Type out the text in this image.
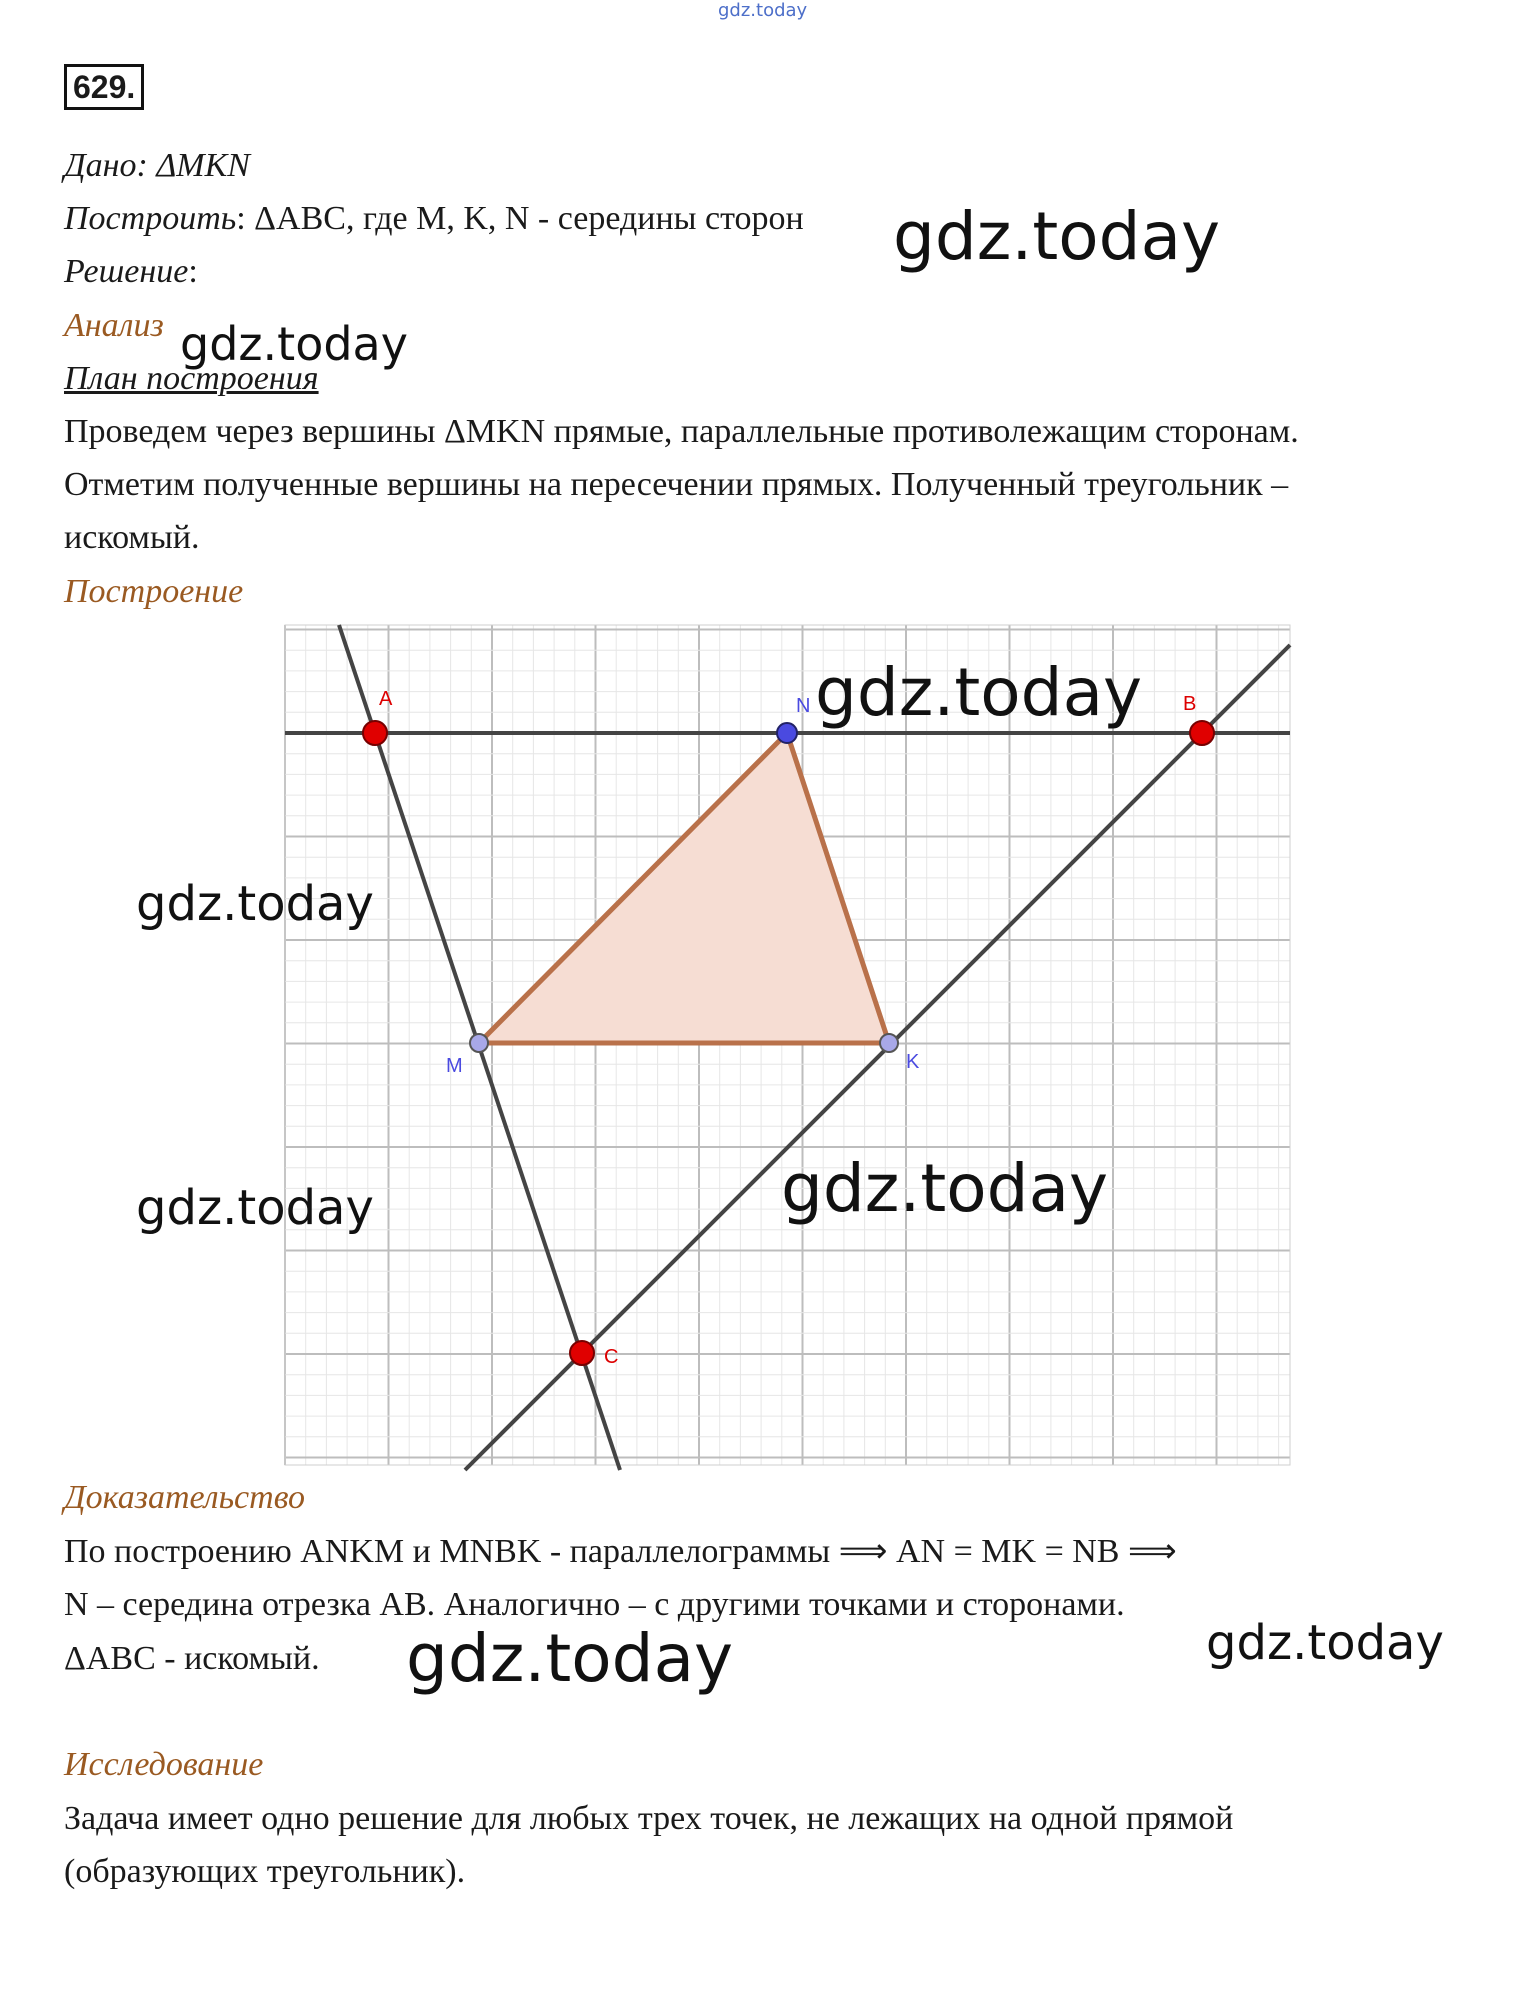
gdz.today
629.
Дано: ΔMKN
Построить: ΔABC, где M, K, N - середины сторон
Решение:
Анализ
План построения
Проведем через вершины ΔMKN прямые, параллельные противолежащим сторонам.
Отметим полученные вершины на пересечении прямых. Полученный треугольник –
искомый.
Построение
A	B
C
N
M	K
Доказательство
По построению ANKM и MNBK - параллелограммы ⟹ AN = MK = NB ⟹
N – середина отрезка AB. Аналогично – с другими точками и сторонами.
ΔABC - искомый.
Исследование
Задача имеет одно решение для любых трех точек, не лежащих на одной прямой
(образующих треугольник).
gdz.today
gdz.today
gdz.today
gdz.today
gdz.today
gdz.today
gdz.today	gdz.today
